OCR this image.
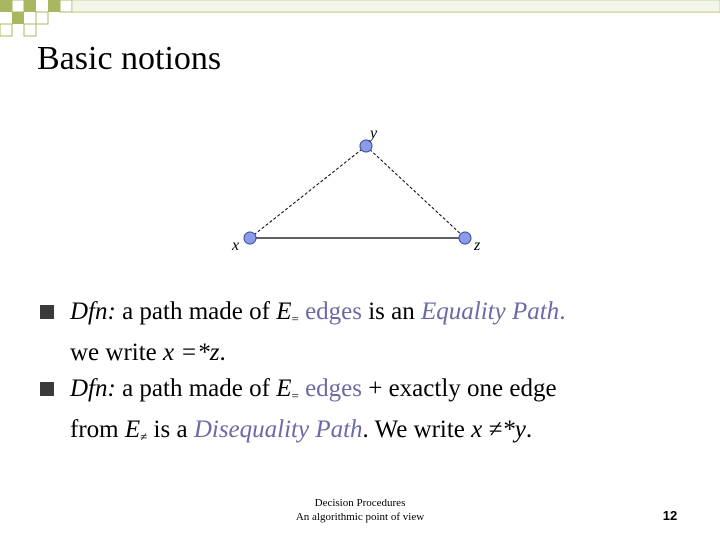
Basic notions
y
x	z
Dfn: a path made of $E_=$ edges is an Equality Path.
we write x =*z.
Dfn: a path made of $E_=$ edges + exactly one edge
from $E_\ne$ is a Disequality Path. We write x ≠*y.
Decision Procedures
An algorithmic point of view	12
